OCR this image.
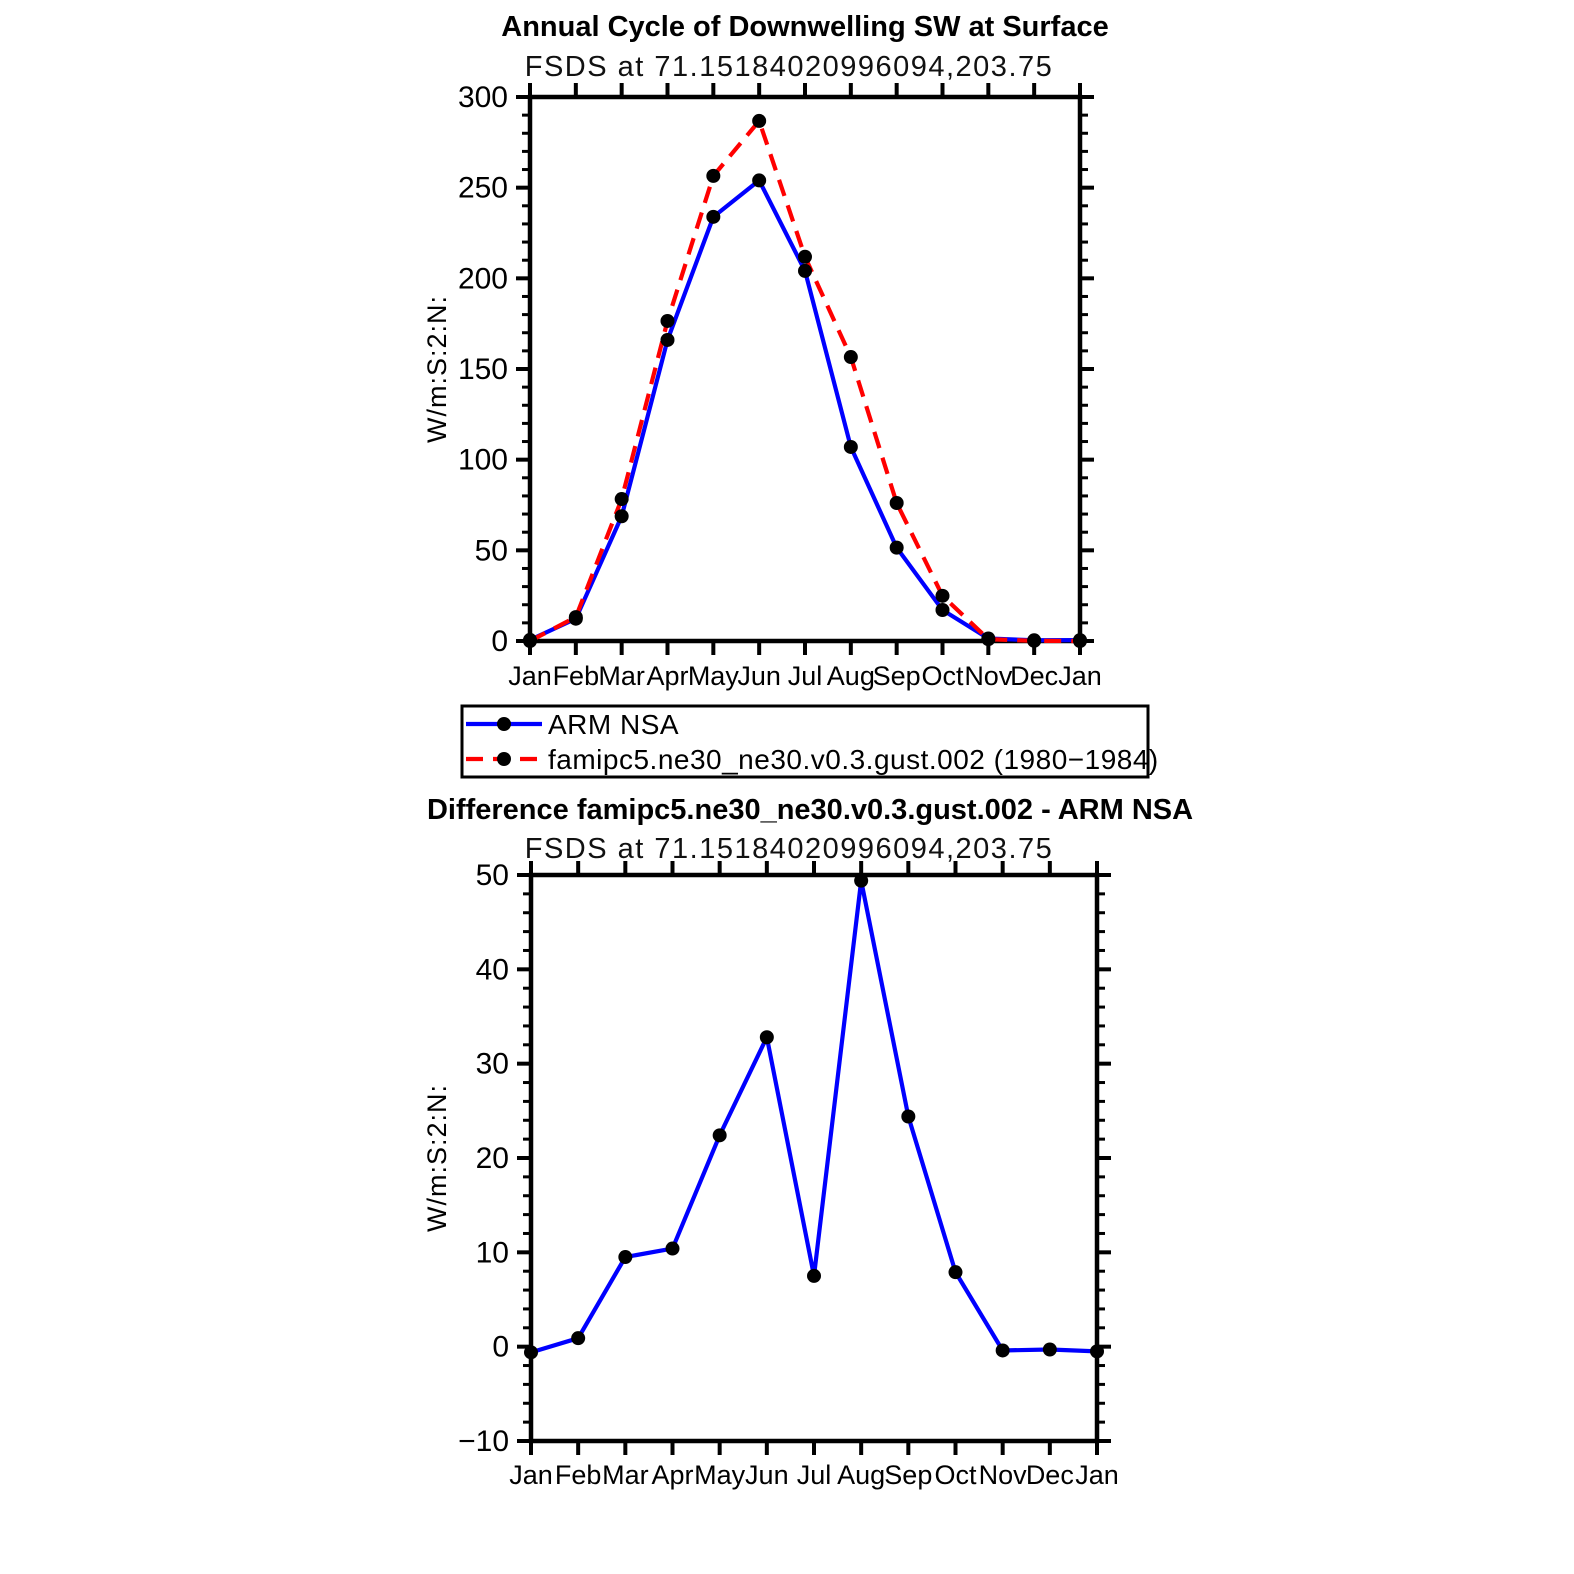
Annual Cycle of Downwelling SW at Surface
FSDS at 71.15184020996094,203.75
Difference famipc5.ne30_ne30.v0.3.gust.002 - ARM NSA
FSDS at 71.15184020996094,203.75
0
50
100
150
200
250
300
Jan Feb Mar Apr May
Jun Jul Aug
Sep Oct Nov
Dec Jan
W/m:S:2:N:
ARM NSA
famipc5.ne30_ne30.v0.3.gust.002 (1980−1984)
−10
0
10
20
30
40
50
Jan Feb Mar Apr May Jun Jul Aug Sep Oct Nov Dec Jan
W/m:S:2:N:
